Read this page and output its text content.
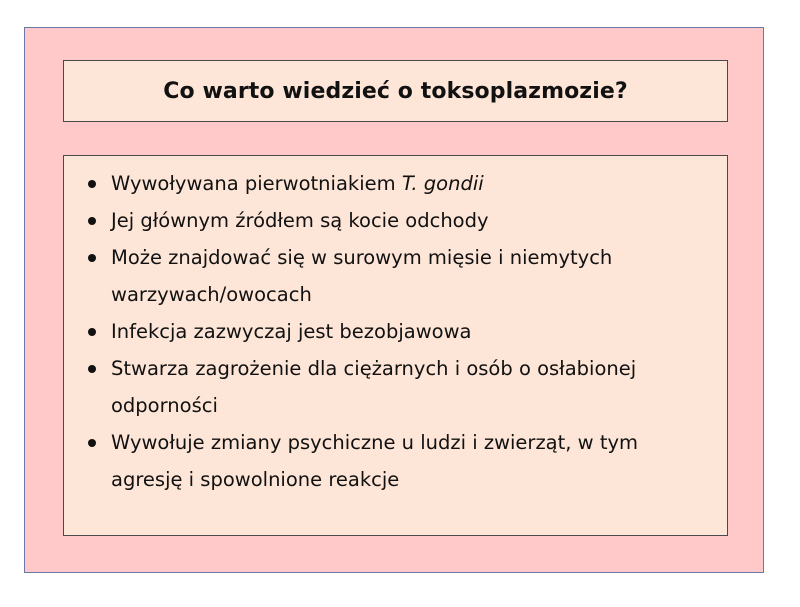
Co warto wiedzieć o toksoplazmozie?
Wywoływana pierwotniakiem T. gondii
Jej głównym źródłem są kocie odchody
Może znajdować się w surowym mięsie i niemytych warzywach/owocach
Infekcja zazwyczaj jest bezobjawowa
Stwarza zagrożenie dla ciężarnych i osób o osłabionej odporności
Wywołuje zmiany psychiczne u ludzi i zwierząt, w tym agresję i spowolnione reakcje
